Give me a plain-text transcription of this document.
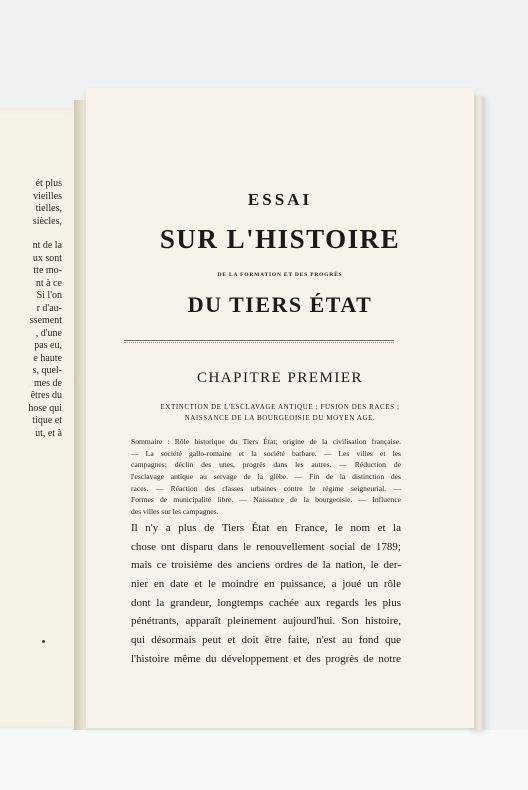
ét plus
vieilles
tielles,
siècles,
nt de la
ux sont
tte mo-
nt à ce
Si l'on
r d'au-
ssement
, d'une
pas eu,
e haute
s, quel-
mes de
êtres du
hose qui
tique et
ut, et à
ESSAI
SUR L'HISTOIRE
DE LA FORMATION ET DES PROGRÈS
DU TIERS ÉTAT
CHAPITRE PREMIER
EXTINCTION DE L'ESCLAVAGE ANTIQUE ; FUSION DES RACES ;
NAISSANCE DE LA BOURGEOISIE DU MOYEN AGE.
Sommaire : Rôle historique du Tiers État; origine de la civilisation française.
— La société gallo-romaine et la société barbare. — Les villes et les
campagnes; déclin des unes, progrès dans les autres. — Réduction de
l'esclavage antique au servage de la glèbe. — Fin de la distinction des
races. — Réaction des classes urbaines contre le régime seigneurial. —
Formes de municipalité libre. — Naissance de la bourgeoisie. — Influence
des villes sur les campagnes.
Il n'y a plus de Tiers État en France, le nom et la
chose ont disparu dans le renouvellement social de 1789;
mais ce troisième des anciens ordres de la nation, le der-
nier en date et le moindre en puissance, a joué un rôle
dont la grandeur, longtemps cachée aux regards les plus
pénétrants, apparaît pleinement aujourd'hui. Son histoire,
qui désormais peut et doit être faite, n'est au fond que
l'histoire même du développement et des progrès de notre
